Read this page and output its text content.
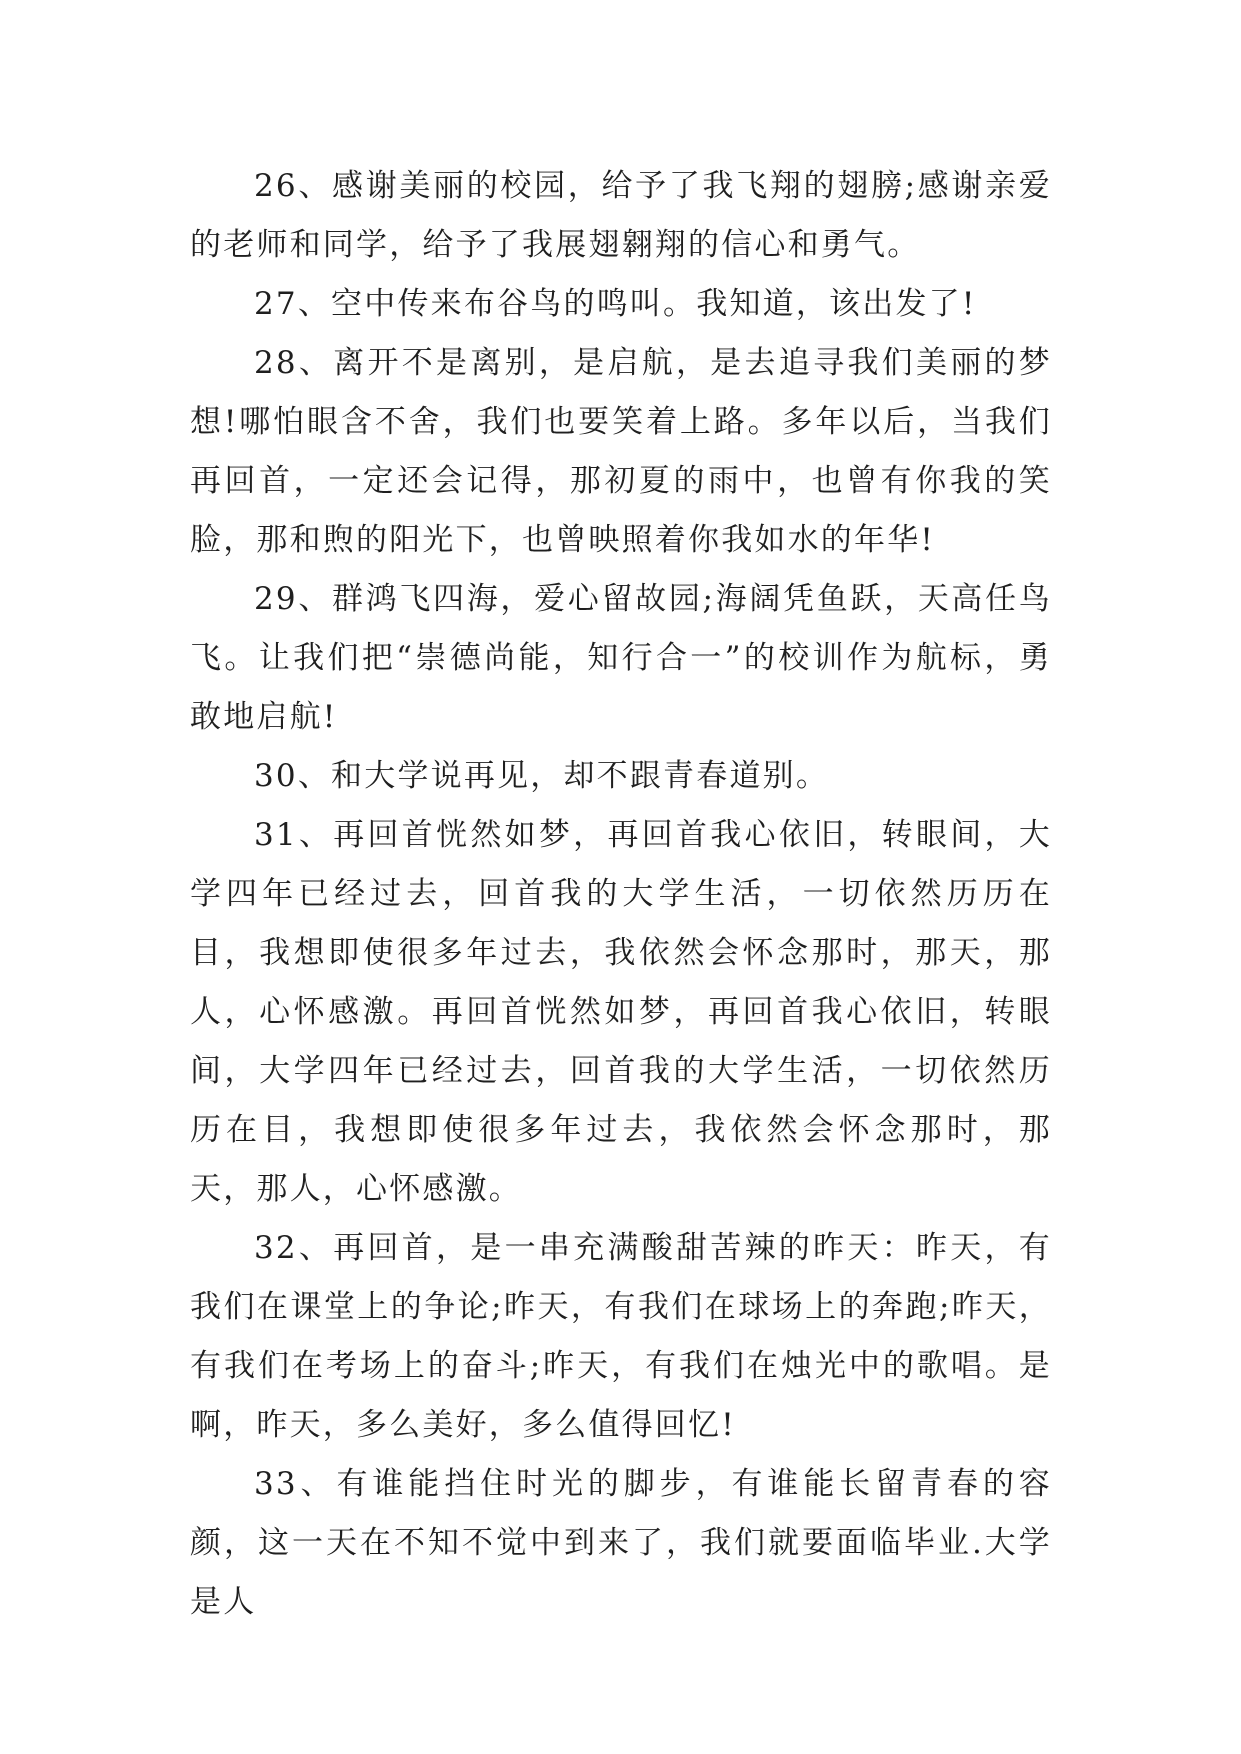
26、感谢美丽的校园，给予了我飞翔的翅膀;感谢亲爱的老师和同学，给予了我展翅翱翔的信心和勇气。

27、空中传来布谷鸟的鸣叫。我知道，该出发了!

28、离开不是离别，是启航，是去追寻我们美丽的梦想!哪怕眼含不舍，我们也要笑着上路。多年以后，当我们再回首，一定还会记得，那初夏的雨中，也曾有你我的笑脸，那和煦的阳光下，也曾映照着你我如水的年华!

29、群鸿飞四海，爱心留故园;海阔凭鱼跃，天高任鸟飞。让我们把“崇德尚能，知行合一”的校训作为航标，勇敢地启航!

30、和大学说再见，却不跟青春道别。

31、再回首恍然如梦，再回首我心依旧，转眼间，大学四年已经过去，回首我的大学生活，一切依然历历在目，我想即使很多年过去，我依然会怀念那时，那天，那人，心怀感激。再回首恍然如梦，再回首我心依旧，转眼间，大学四年已经过去，回首我的大学生活，一切依然历历在目，我想即使很多年过去，我依然会怀念那时，那天，那人，心怀感激。

32、再回首，是一串充满酸甜苦辣的昨天：昨天，有我们在课堂上的争论;昨天，有我们在球场上的奔跑;昨天，有我们在考场上的奋斗;昨天，有我们在烛光中的歌唱。是啊，昨天，多么美好，多么值得回忆!

33、有谁能挡住时光的脚步，有谁能长留青春的容颜，这一天在不知不觉中到来了，我们就要面临毕业.大学是人
